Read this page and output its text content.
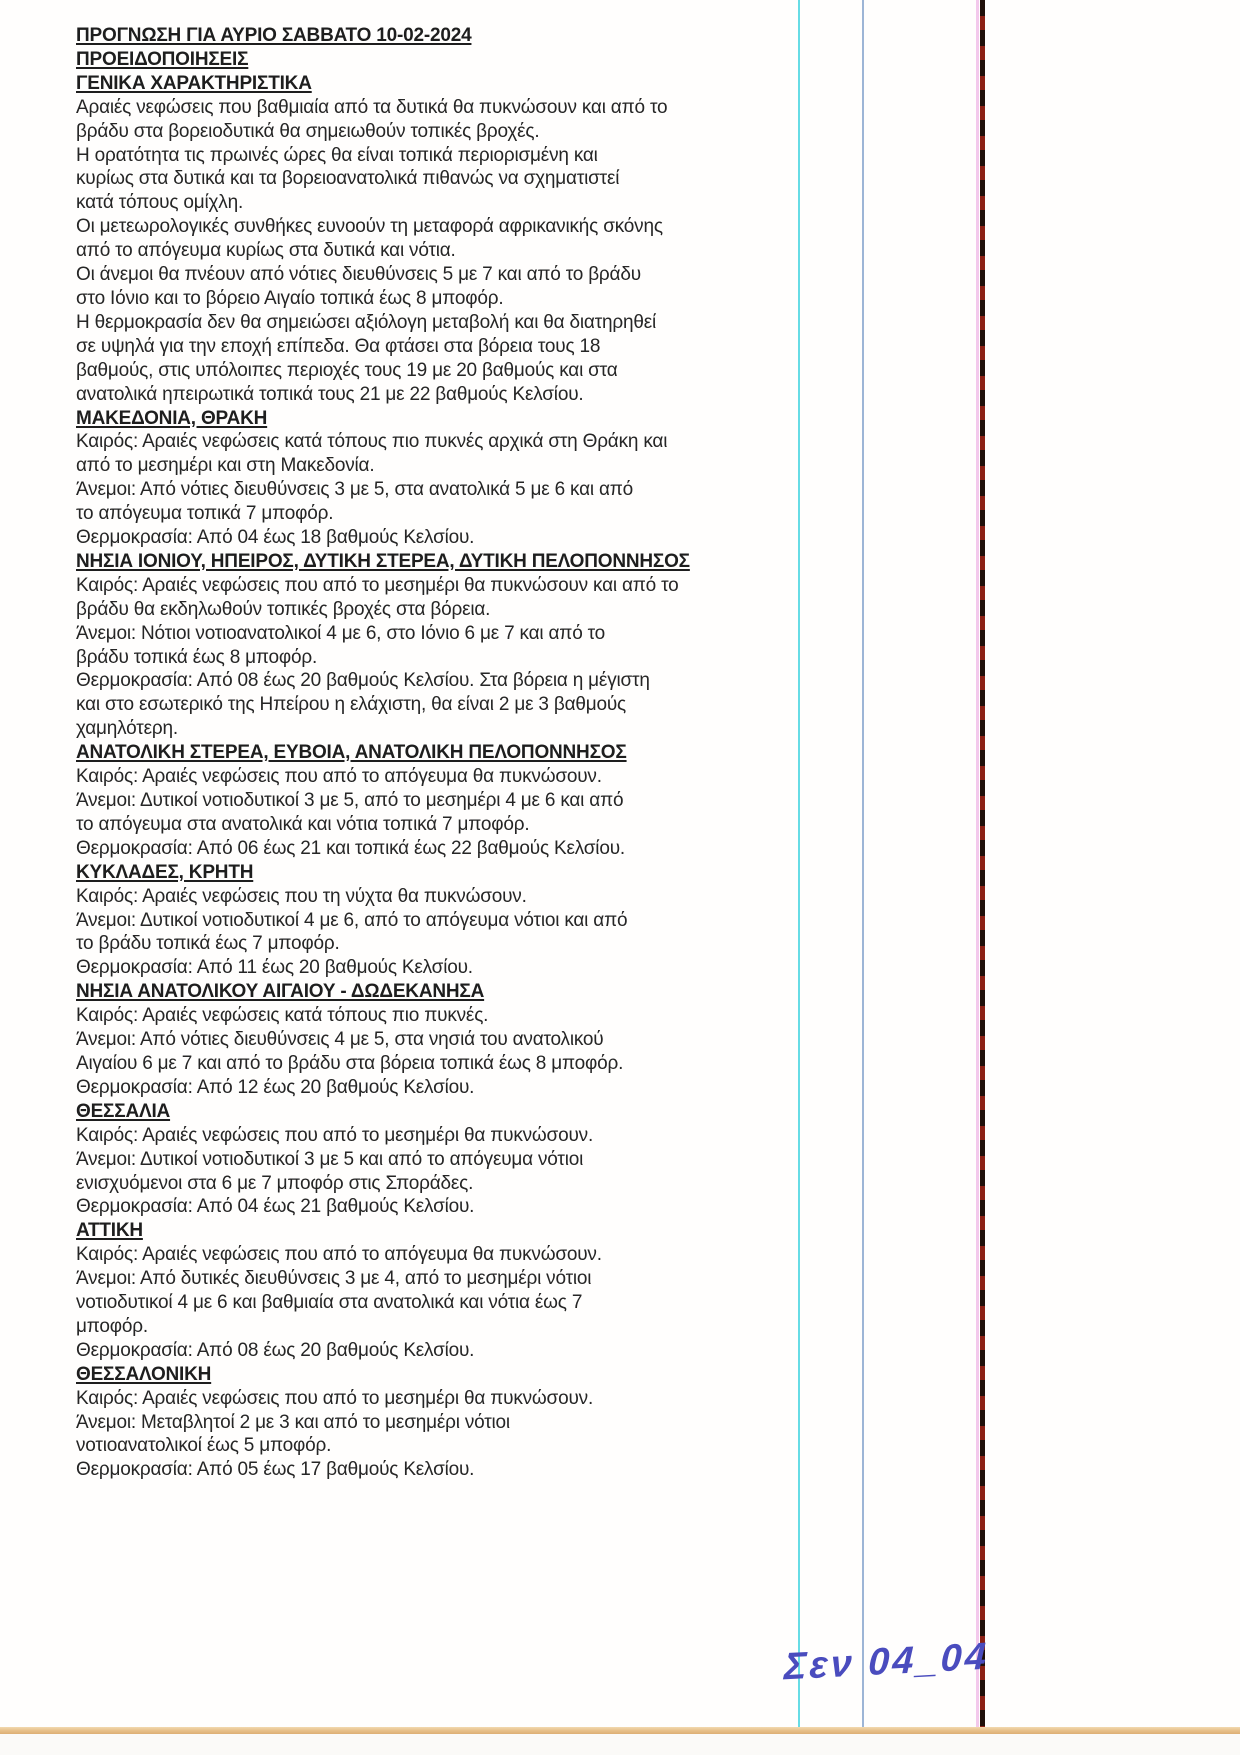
ΠΡΟΓΝΩΣΗ ΓΙΑ ΑΥΡΙΟ ΣΑΒΒΑΤΟ 10-02-2024
ΠΡΟΕΙΔΟΠΟΙΗΣΕΙΣ
ΓΕΝΙΚΑ ΧΑΡΑΚΤΗΡΙΣΤΙΚΑ
Αραιές νεφώσεις που βαθμιαία από τα δυτικά θα πυκνώσουν και από το
βράδυ στα βορειοδυτικά θα σημειωθούν τοπικές βροχές.
Η ορατότητα τις πρωινές ώρες θα είναι τοπικά περιορισμένη και
κυρίως στα δυτικά και τα βορειοανατολικά πιθανώς να σχηματιστεί
κατά τόπους ομίχλη.
Οι μετεωρολογικές συνθήκες ευνοούν τη μεταφορά αφρικανικής σκόνης
από το απόγευμα κυρίως στα δυτικά και νότια.
Οι άνεμοι θα πνέουν από νότιες διευθύνσεις 5 με 7 και από το βράδυ
στο Ιόνιο και το βόρειο Αιγαίο τοπικά έως 8 μποφόρ.
Η θερμοκρασία δεν θα σημειώσει αξιόλογη μεταβολή και θα διατηρηθεί
σε υψηλά για την εποχή επίπεδα. Θα φτάσει στα βόρεια τους 18
βαθμούς, στις υπόλοιπες περιοχές τους 19 με 20 βαθμούς και στα
ανατολικά ηπειρωτικά τοπικά τους 21 με 22 βαθμούς Κελσίου.
ΜΑΚΕΔΟΝΙΑ, ΘΡΑΚΗ
Καιρός: Αραιές νεφώσεις κατά τόπους πιο πυκνές αρχικά στη Θράκη και
από το μεσημέρι και στη Μακεδονία.
Άνεμοι: Από νότιες διευθύνσεις 3 με 5, στα ανατολικά 5 με 6 και από
το απόγευμα τοπικά 7 μποφόρ.
Θερμοκρασία: Από 04 έως 18 βαθμούς Κελσίου.
ΝΗΣΙΑ ΙΟΝΙΟΥ, ΗΠΕΙΡΟΣ, ΔΥΤΙΚΗ ΣΤΕΡΕΑ, ΔΥΤΙΚΗ ΠΕΛΟΠΟΝΝΗΣΟΣ
Καιρός: Αραιές νεφώσεις που από το μεσημέρι θα πυκνώσουν και από το
βράδυ θα εκδηλωθούν τοπικές βροχές στα βόρεια.
Άνεμοι: Νότιοι νοτιοανατολικοί 4 με 6, στο Ιόνιο 6 με 7 και από το
βράδυ τοπικά έως 8 μποφόρ.
Θερμοκρασία: Από 08 έως 20 βαθμούς Κελσίου. Στα βόρεια η μέγιστη
και στο εσωτερικό της Ηπείρου η ελάχιστη, θα είναι 2 με 3 βαθμούς
χαμηλότερη.
ΑΝΑΤΟΛΙΚΗ ΣΤΕΡΕΑ, ΕΥΒΟΙΑ, ΑΝΑΤΟΛΙΚΗ ΠΕΛΟΠΟΝΝΗΣΟΣ
Καιρός: Αραιές νεφώσεις που από το απόγευμα θα πυκνώσουν.
Άνεμοι: Δυτικοί νοτιοδυτικοί 3 με 5, από το μεσημέρι 4 με 6 και από
το απόγευμα στα ανατολικά και νότια τοπικά 7 μποφόρ.
Θερμοκρασία: Από 06 έως 21 και τοπικά έως 22 βαθμούς Κελσίου.
ΚΥΚΛΑΔΕΣ, ΚΡΗΤΗ
Καιρός: Αραιές νεφώσεις που τη νύχτα θα πυκνώσουν.
Άνεμοι: Δυτικοί νοτιοδυτικοί 4 με 6, από το απόγευμα νότιοι και από
το βράδυ τοπικά έως 7 μποφόρ.
Θερμοκρασία: Από 11 έως 20 βαθμούς Κελσίου.
ΝΗΣΙΑ ΑΝΑΤΟΛΙΚΟΥ ΑΙΓΑΙΟΥ - ΔΩΔΕΚΑΝΗΣΑ
Καιρός: Αραιές νεφώσεις κατά τόπους πιο πυκνές.
Άνεμοι: Από νότιες διευθύνσεις 4 με 5, στα νησιά του ανατολικού
Αιγαίου 6 με 7 και από το βράδυ στα βόρεια τοπικά έως 8 μποφόρ.
Θερμοκρασία: Από 12 έως 20 βαθμούς Κελσίου.
ΘΕΣΣΑΛΙΑ
Καιρός: Αραιές νεφώσεις που από το μεσημέρι θα πυκνώσουν.
Άνεμοι: Δυτικοί νοτιοδυτικοί 3 με 5 και από το απόγευμα νότιοι
ενισχυόμενοι στα 6 με 7 μποφόρ στις Σποράδες.
Θερμοκρασία: Από 04 έως 21 βαθμούς Κελσίου.
ΑΤΤΙΚΗ
Καιρός: Αραιές νεφώσεις που από το απόγευμα θα πυκνώσουν.
Άνεμοι: Από δυτικές διευθύνσεις 3 με 4, από το μεσημέρι νότιοι
νοτιοδυτικοί 4 με 6 και βαθμιαία στα ανατολικά και νότια έως 7
μποφόρ.
Θερμοκρασία: Από 08 έως 20 βαθμούς Κελσίου.
ΘΕΣΣΑΛΟΝΙΚΗ
Καιρός: Αραιές νεφώσεις που από το μεσημέρι θα πυκνώσουν.
Άνεμοι: Μεταβλητοί 2 με 3 και από το μεσημέρι νότιοι
νοτιοανατολικοί έως 5 μποφόρ.
Θερμοκρασία: Από 05 έως 17 βαθμούς Κελσίου.
Σεν 04_04
